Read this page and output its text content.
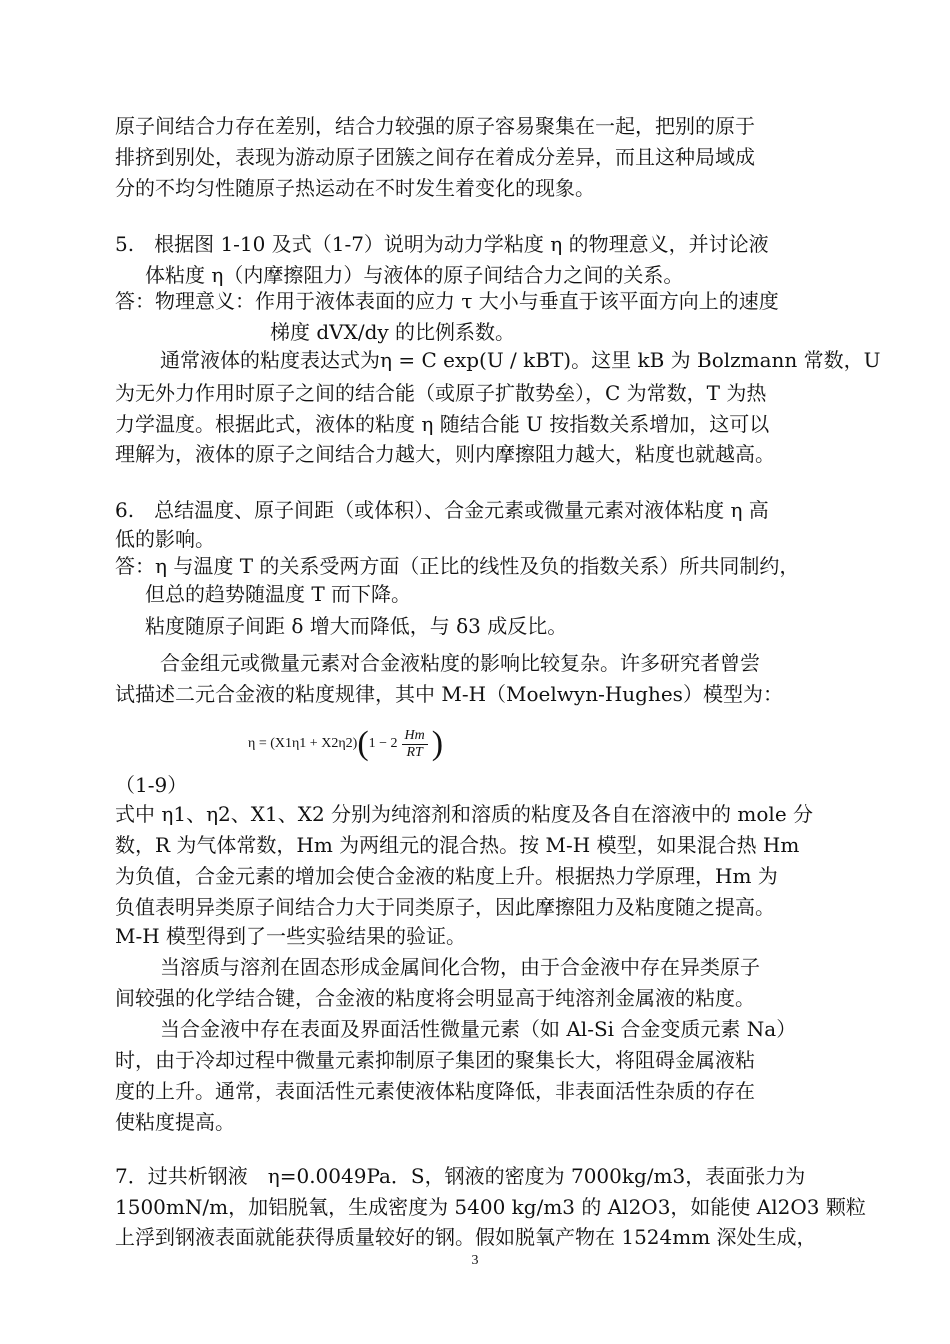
原子间结合力存在差别，结合力较强的原子容易聚集在一起，把别的原于
排挤到别处，表现为游动原子团簇之间存在着成分差异，而且这种局域成
分的不均匀性随原子热运动在不时发生着变化的现象。
5.　根据图 1-10 及式（1-7）说明为动力学粘度 η 的物理意义，并讨论液
体粘度 η（内摩擦阻力）与液体的原子间结合力之间的关系。
答：物理意义：作用于液体表面的应力 τ 大小与垂直于该平面方向上的速度
梯度 dVX/dy 的比例系数。
通常液体的粘度表达式为η = C exp(U / kBT)。这里 kB 为 Bolzmann 常数，U
为无外力作用时原子之间的结合能（或原子扩散势垒），C 为常数，T 为热
力学温度。根据此式，液体的粘度 η 随结合能 U 按指数关系增加，这可以
理解为，液体的原子之间结合力越大，则内摩擦阻力越大，粘度也就越高。
6.　总结温度、原子间距（或体积）、合金元素或微量元素对液体粘度 η 高
低的影响。
答：η 与温度 T 的关系受两方面（正比的线性及负的指数关系）所共同制约，
但总的趋势随温度 T 而下降。
粘度随原子间距 δ 增大而降低，与 δ3 成反比。
合金组元或微量元素对合金液粘度的影响比较复杂。许多研究者曾尝
试描述二元合金液的粘度规律，其中 M-H（Moelwyn-Hughes）模型为：
η = (X1η1 + X2η2) ( $1 - 2 \frac{Hm}{RT}$ )
（1-9）
式中 η1、η2、X1、X2 分别为纯溶剂和溶质的粘度及各自在溶液中的 mole 分
数，R 为气体常数，Hm 为两组元的混合热。按 M-H 模型，如果混合热 Hm
为负值，合金元素的增加会使合金液的粘度上升。根据热力学原理，Hm 为
负值表明异类原子间结合力大于同类原子，因此摩擦阻力及粘度随之提高。
M-H 模型得到了一些实验结果的验证。
当溶质与溶剂在固态形成金属间化合物，由于合金液中存在异类原子
间较强的化学结合键，合金液的粘度将会明显高于纯溶剂金属液的粘度。
当合金液中存在表面及界面活性微量元素（如 Al-Si 合金变质元素 Na）
时，由于冷却过程中微量元素抑制原子集团的聚集长大，将阻碍金属液粘
度的上升。通常，表面活性元素使液体粘度降低，非表面活性杂质的存在
使粘度提高。
7．过共析钢液　η=0.0049Pa．S，钢液的密度为 7000kg/m3，表面张力为
1500mN/m，加铝脱氧，生成密度为 5400 kg/m3 的 Al2O3，如能使 Al2O3 颗粒
上浮到钢液表面就能获得质量较好的钢。假如脱氧产物在 1524mm 深处生成，
3
